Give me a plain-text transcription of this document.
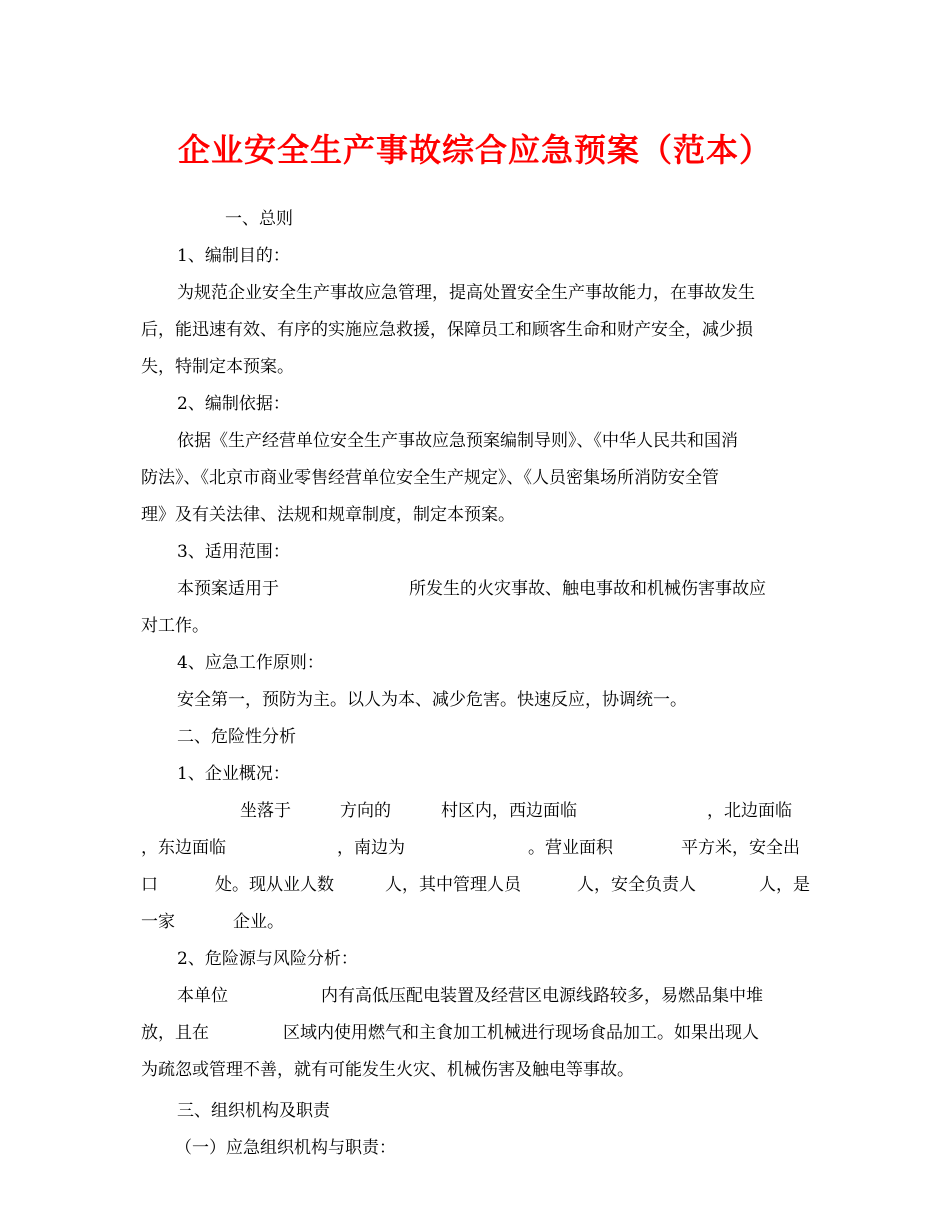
企业安全生产事故综合应急预案（范本）
一、总则
1、编制目的：
为规范企业安全生产事故应急管理，提高处置安全生产事故能力，在事故发生
后，能迅速有效、有序的实施应急救援，保障员工和顾客生命和财产安全，减少损
失，特制定本预案。
2、编制依据：
依据《生产经营单位安全生产事故应急预案编制导则》、《中华人民共和国消
防法》、《北京市商业零售经营单位安全生产规定》、《人员密集场所消防安全管
理》及有关法律、法规和规章制度，制定本预案。
3、适用范围：
本预案适用于	所发生的火灾事故、触电事故和机械伤害事故应
对工作。
4、应急工作原则：
安全第一，预防为主。以人为本、减少危害。快速反应，协调统一。
二、危险性分析
1、企业概况：
坐落于	方向的	村区内，西边面临	，北边面临
，东边面临	，南边为	。营业面积	平方米，安全出
口	处。现从业人数	人，其中管理人员	人，安全负责人	人，是
一家	企业。
2、危险源与风险分析：
本单位	内有高低压配电装置及经营区电源线路较多，易燃品集中堆
放，且在	区域内使用燃气和主食加工机械进行现场食品加工。如果出现人
为疏忽或管理不善，就有可能发生火灾、机械伤害及触电等事故。
三、组织机构及职责
（一）应急组织机构与职责：
